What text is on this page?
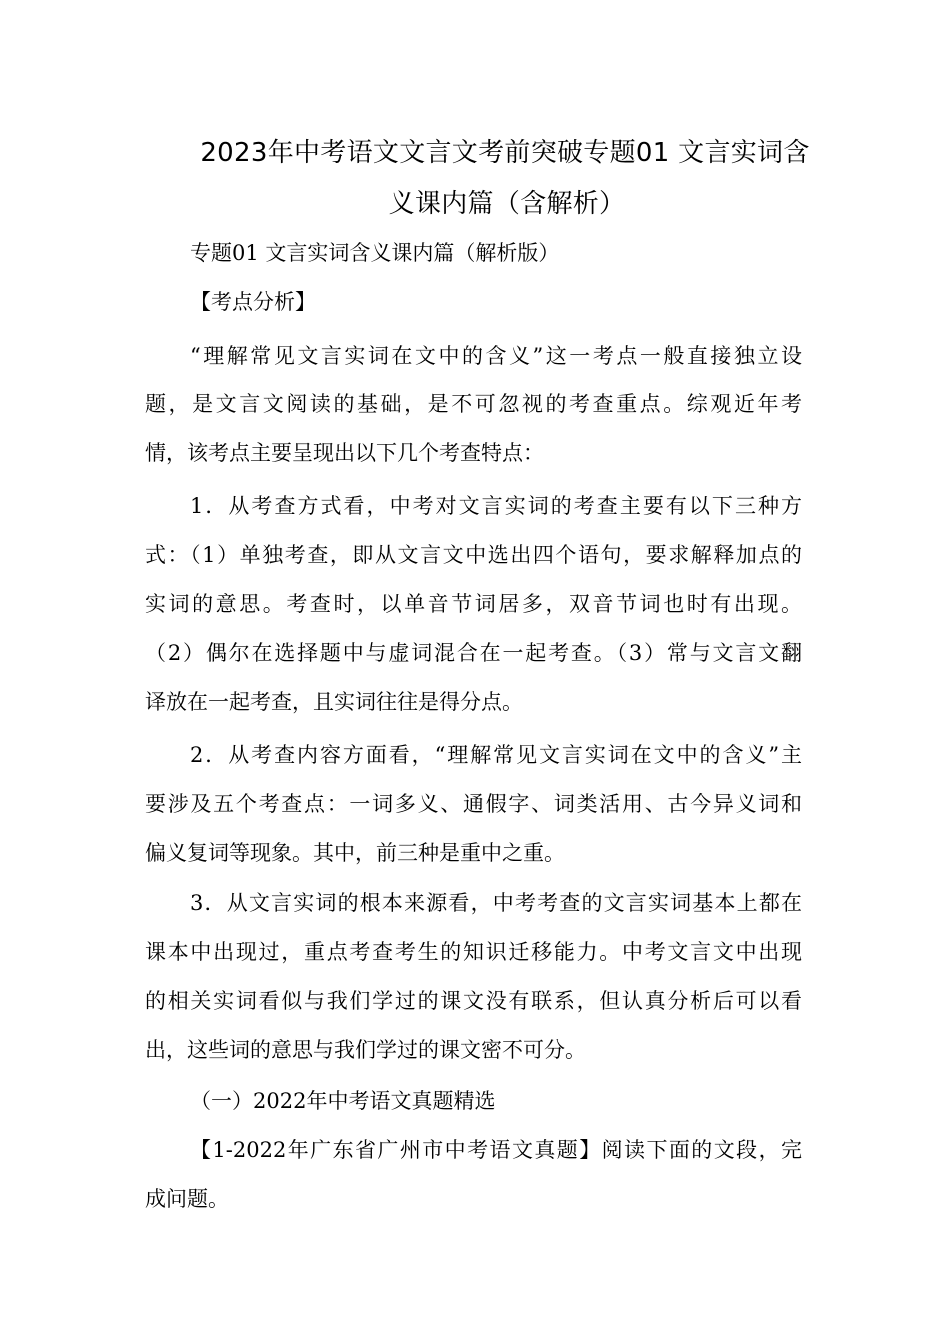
2023年中考语文文言文考前突破专题01 文言实词含
义课内篇（含解析）
专题01 文言实词含义课内篇（解析版）
【考点分析】
“理解常见文言实词在文中的含义”这一考点一般直接独立设
题，是文言文阅读的基础，是不可忽视的考查重点。综观近年考
情，该考点主要呈现出以下几个考查特点：
1．从考查方式看，中考对文言实词的考查主要有以下三种方
式：（1）单独考查，即从文言文中选出四个语句，要求解释加点的
实词的意思。考查时，以单音节词居多，双音节词也时有出现。
（2）偶尔在选择题中与虚词混合在一起考查。（3）常与文言文翻
译放在一起考查，且实词往往是得分点。
2．从考查内容方面看，“理解常见文言实词在文中的含义”主
要涉及五个考查点：一词多义、通假字、词类活用、古今异义词和
偏义复词等现象。其中，前三种是重中之重。
3．从文言实词的根本来源看，中考考查的文言实词基本上都在
课本中出现过，重点考查考生的知识迁移能力。中考文言文中出现
的相关实词看似与我们学过的课文没有联系，但认真分析后可以看
出，这些词的意思与我们学过的课文密不可分。
（一）2022年中考语文真题精选
【1-2022年广东省广州市中考语文真题】阅读下面的文段，完
成问题。
